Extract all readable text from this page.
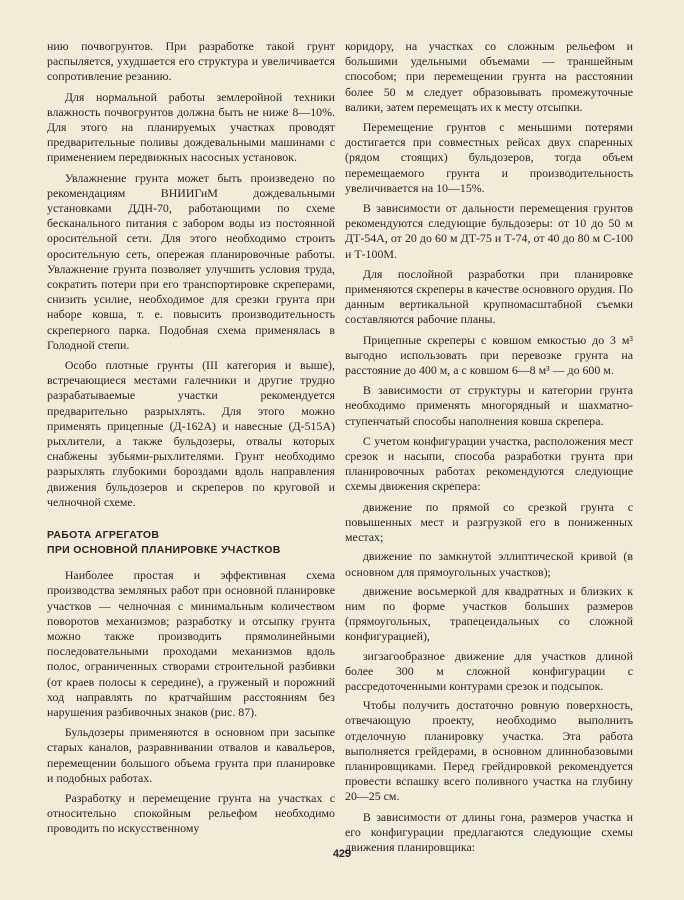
нию почвогрунтов. При разработке такой грунт распыляется, ухудшается его структура и увеличивается сопротивление резанию.

Для нормальной работы землеройной техники влажность почвогрунтов должна быть не ниже 8—10%. Для этого на планируемых участках проводят предварительные поливы дождевальными машинами с применением передвижных насосных установок.

Увлажнение грунта может быть произведено по рекомендациям ВНИИГиМ дождевальными установками ДДН-70, работающими по схеме бесканального питания с забором воды из постоянной оросительной сети. Для этого необходимо строить оросительную сеть, опережая планировочные работы. Увлажнение грунта позволяет улучшить условия труда, сократить потери при его транспортировке скреперами, снизить усилие, необходимое для срезки грунта при наборе ковша, т. е. повысить производительность скреперного парка. Подобная схема применялась в Голодной степи.

Особо плотные грунты (III категория и выше), встречающиеся местами галечники и другие трудно разрабатываемые участки рекомендуется предварительно разрыхлять. Для этого можно применять прицепные (Д-162А) и навесные (Д-515А) рыхлители, а также бульдозеры, отвалы которых снабжены зубьями-рыхлителями. Грунт необходимо разрыхлять глубокими бороздами вдоль направления движения бульдозеров и скреперов по круговой и челночной схеме.

РАБОТА АГРЕГАТОВ
ПРИ ОСНОВНОЙ ПЛАНИРОВКЕ УЧАСТКОВ

Наиболее простая и эффективная схема производства земляных работ при основной планировке участков — челночная с минимальным количеством поворотов механизмов; разработку и отсыпку грунта можно также производить прямолинейными последовательными проходами механизмов вдоль полос, ограниченных створами строительной разбивки (от краев полосы к середине), а груженый и порожний ход направлять по кратчайшим расстояниям без нарушения разбивочных знаков (рис. 87).

Бульдозеры применяются в основном при засыпке старых каналов, разравнивании отвалов и кавальеров, перемещении большого объема грунта при планировке и подобных работах.

Разработку и перемещение грунта на участках с относительно спокойным рельефом необходимо проводить по искусственному

коридору, на участках со сложным рельефом и большими удельными объемами — траншейным способом; при перемещении грунта на расстоянии более 50 м следует образовывать промежуточные валики, затем перемещать их к месту отсыпки.

Перемещение грунтов с меньшими потерями достигается при совместных рейсах двух спаренных (рядом стоящих) бульдозеров, тогда объем перемещаемого грунта и производительность увеличивается на 10—15%.

В зависимости от дальности перемещения грунтов рекомендуются следующие бульдозеры: от 10 до 50 м ДТ-54А, от 20 до 60 м ДТ-75 и Т-74, от 40 до 80 м С-100 и Т-100М.

Для послойной разработки при планировке применяются скреперы в качестве основного орудия. По данным вертикальной крупномасштабной съемки составляются рабочие планы.

Прицепные скреперы с ковшом емкостью до 3 м³ выгодно использовать при перевозке грунта на расстояние до 400 м, а с ковшом 6—8 м³ — до 600 м.

В зависимости от структуры и категории грунта необходимо применять многорядный и шахматно-ступенчатый способы наполнения ковша скрепера.

С учетом конфигурации участка, расположения мест срезок и насыпи, способа разработки грунта при планировочных работах рекомендуются следующие схемы движения скрепера:

движение по прямой со срезкой грунта с повышенных мест и разгрузкой его в пониженных местах;

движение по замкнутой эллиптической кривой (в основном для прямоугольных участков);

движение восьмеркой для квадратных и близких к ним по форме участков больших размеров (прямоугольных, трапецеидальных со сложной конфигурацией),

зигзагообразное движение для участков длиной более 300 м сложной конфигурации с рассредоточенными контурами срезок и подсыпок.

Чтобы получить достаточно ровную поверхность, отвечающую проекту, необходимо выполнить отделочную планировку участка. Эта работа выполняется грейдерами, в основном длиннобазовыми планировщиками. Перед грейдировкой рекомендуется провести вспашку всего поливного участка на глубину 20—25 см.

В зависимости от длины гона, размеров участка и его конфигурации предлагаются следующие схемы движения планировщика:

429
